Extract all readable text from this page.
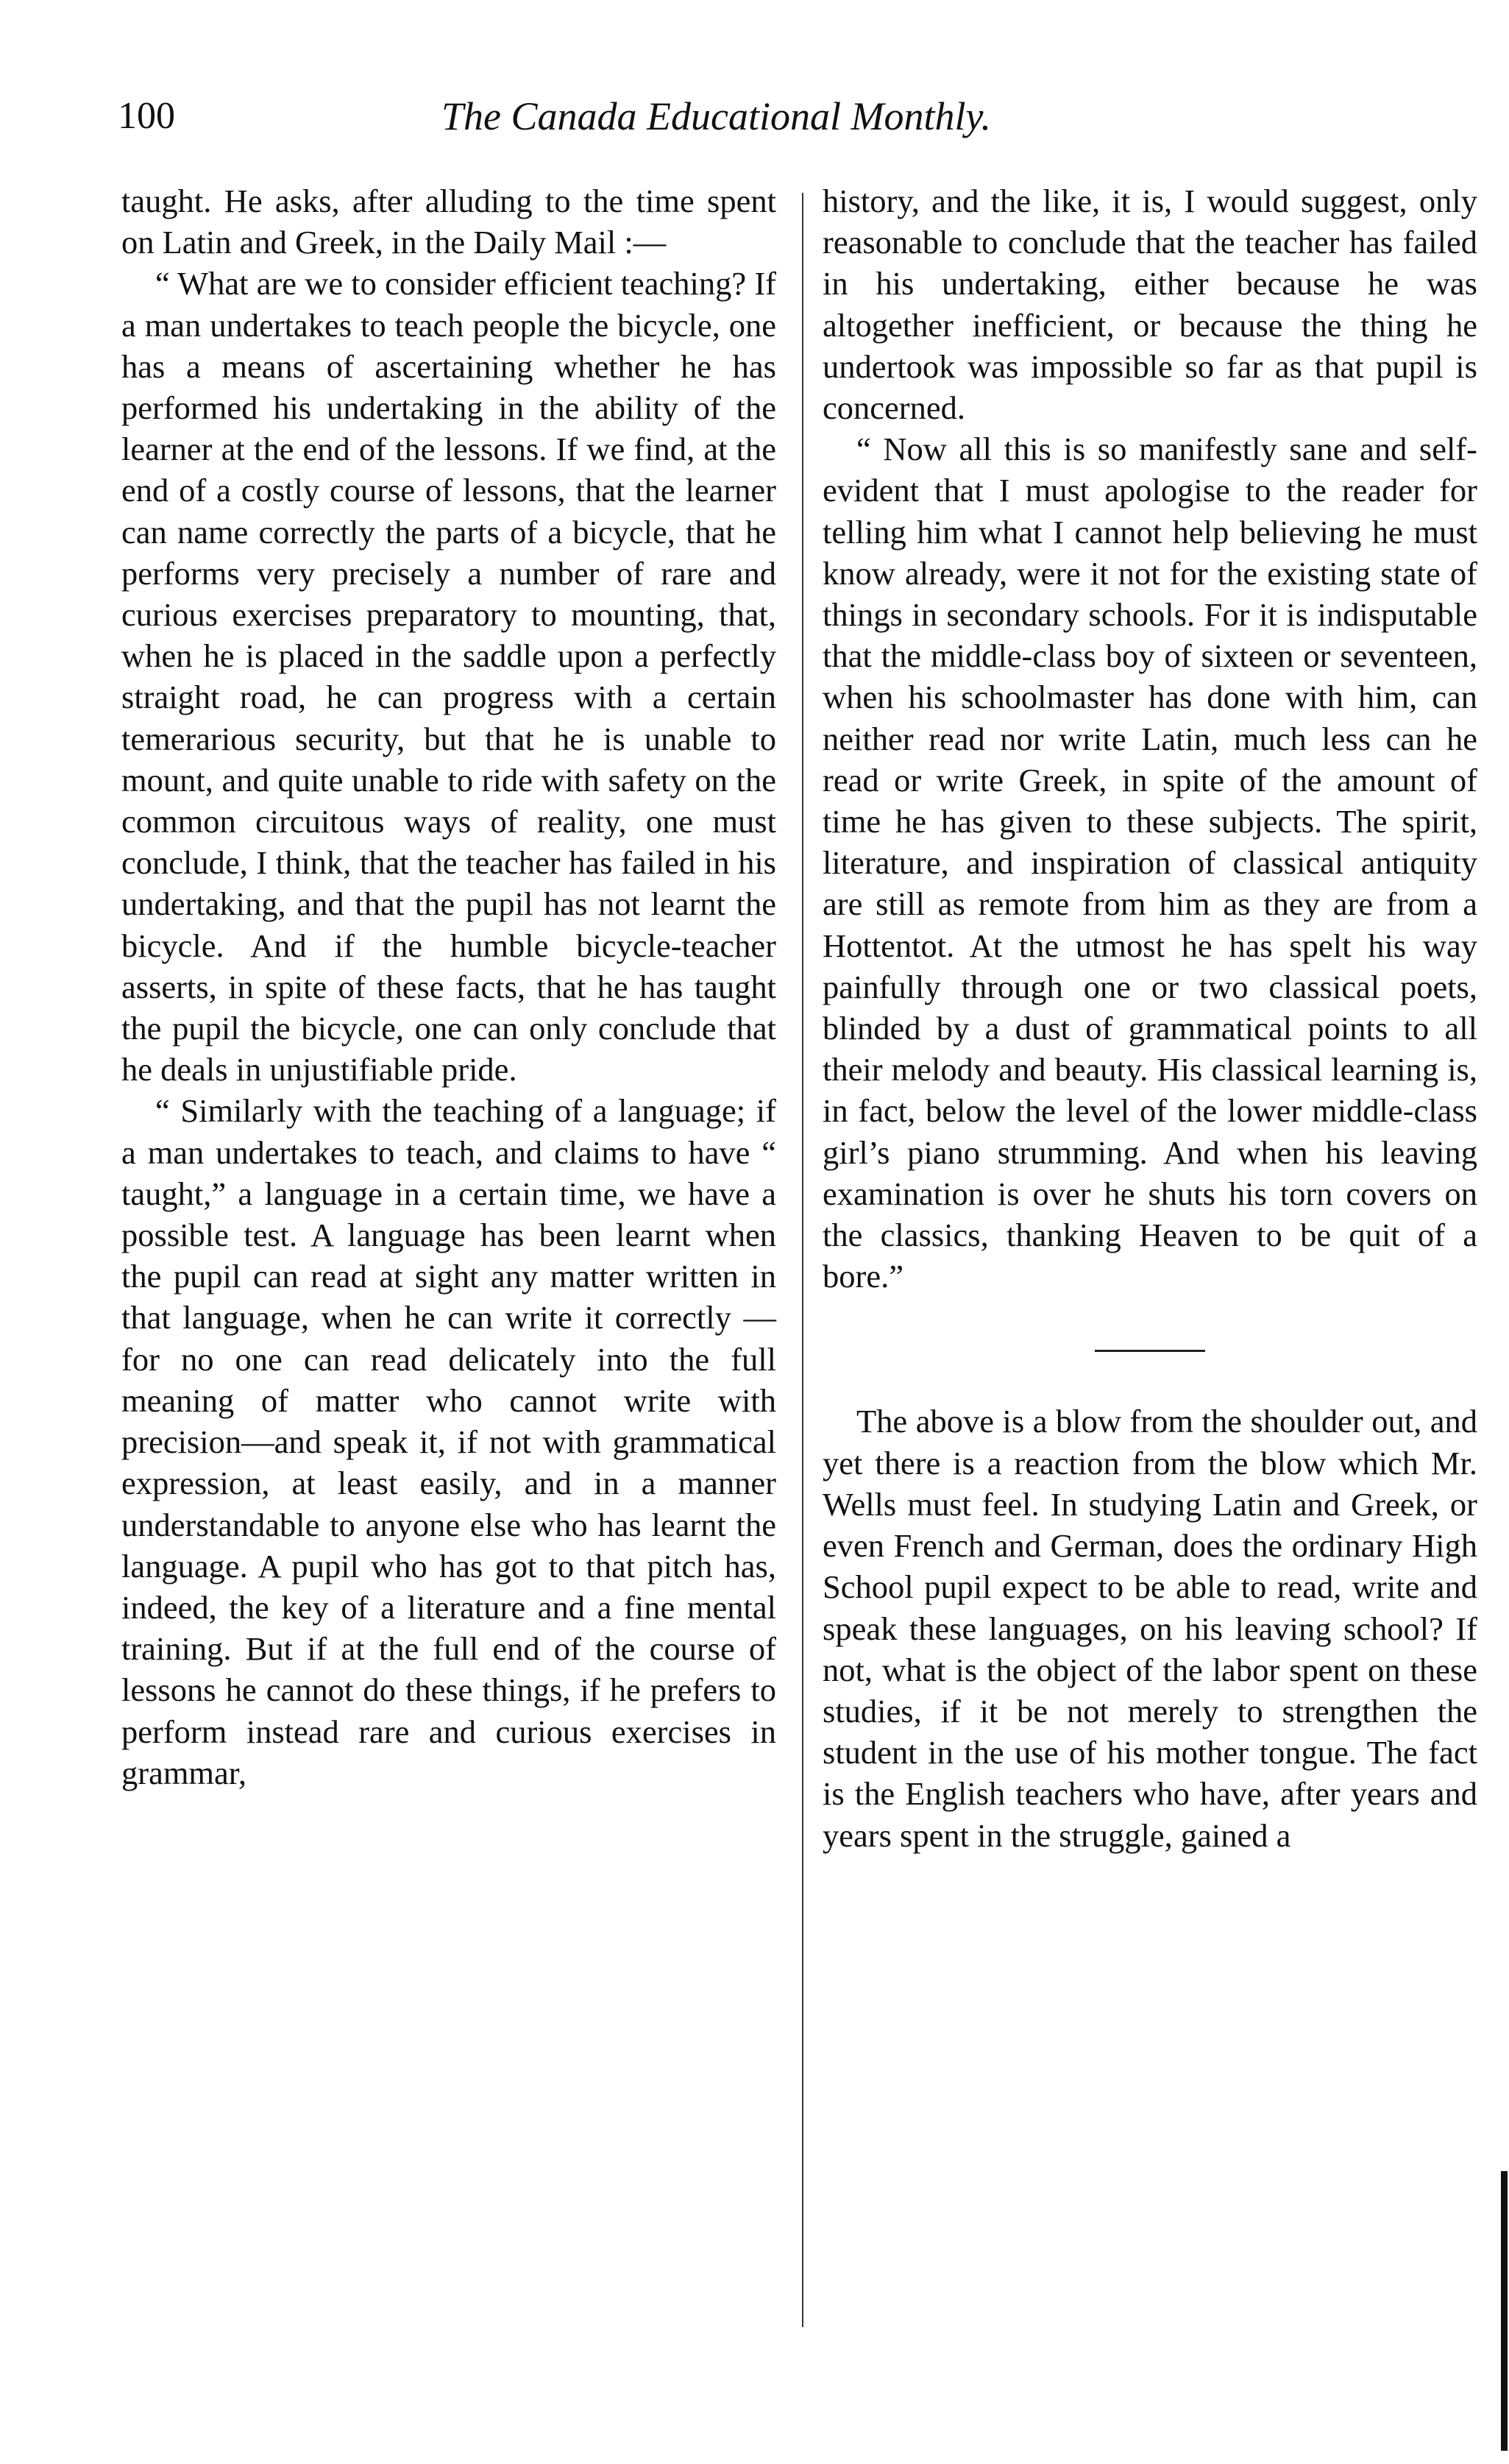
100	The Canada Educational Monthly.

taught. He asks, after alluding to the time spent on Latin and Greek, in the Daily Mail :—

“ What are we to consider efficient teaching? If a man undertakes to teach people the bicycle, one has a means of ascertaining whether he has performed his undertaking in the ability of the learner at the end of the lessons. If we find, at the end of a costly course of lessons, that the learner can name correctly the parts of a bicycle, that he performs very precisely a number of rare and curious exercises preparatory to mounting, that, when he is placed in the saddle upon a perfectly straight road, he can progress with a certain temerarious security, but that he is unable to mount, and quite unable to ride with safety on the common circuitous ways of reality, one must conclude, I think, that the teacher has failed in his undertaking, and that the pupil has not learnt the bicycle. And if the humble bicycle-teacher asserts, in spite of these facts, that he has taught the pupil the bicycle, one can only conclude that he deals in unjustifiable pride.

“ Similarly with the teaching of a language; if a man undertakes to teach, and claims to have “ taught,” a language in a certain time, we have a possible test. A language has been learnt when the pupil can read at sight any matter written in that language, when he can write it correctly —for no one can read delicately into the full meaning of matter who cannot write with precision—and speak it, if not with grammatical expression, at least easily, and in a manner understandable to anyone else who has learnt the language. A pupil who has got to that pitch has, indeed, the key of a literature and a fine mental training. But if at the full end of the course of lessons he cannot do these things, if he prefers to perform instead rare and curious exercises in grammar,

history, and the like, it is, I would suggest, only reasonable to conclude that the teacher has failed in his undertaking, either because he was altogether inefficient, or because the thing he undertook was impossible so far as that pupil is concerned.

“ Now all this is so manifestly sane and self-evident that I must apologise to the reader for telling him what I cannot help believing he must know already, were it not for the existing state of things in secondary schools. For it is indisputable that the middle-class boy of sixteen or seventeen, when his schoolmaster has done with him, can neither read nor write Latin, much less can he read or write Greek, in spite of the amount of time he has given to these subjects. The spirit, literature, and inspiration of classical antiquity are still as remote from him as they are from a Hottentot. At the utmost he has spelt his way painfully through one or two classical poets, blinded by a dust of grammatical points to all their melody and beauty. His classical learning is, in fact, below the level of the lower middle-class girl’s piano strumming. And when his leaving examination is over he shuts his torn covers on the classics, thanking Heaven to be quit of a bore.”

The above is a blow from the shoulder out, and yet there is a reaction from the blow which Mr. Wells must feel. In studying Latin and Greek, or even French and German, does the ordinary High School pupil expect to be able to read, write and speak these languages, on his leaving school? If not, what is the object of the labor spent on these studies, if it be not merely to strengthen the student in the use of his mother tongue. The fact is the English teachers who have, after years and years spent in the struggle, gained a
